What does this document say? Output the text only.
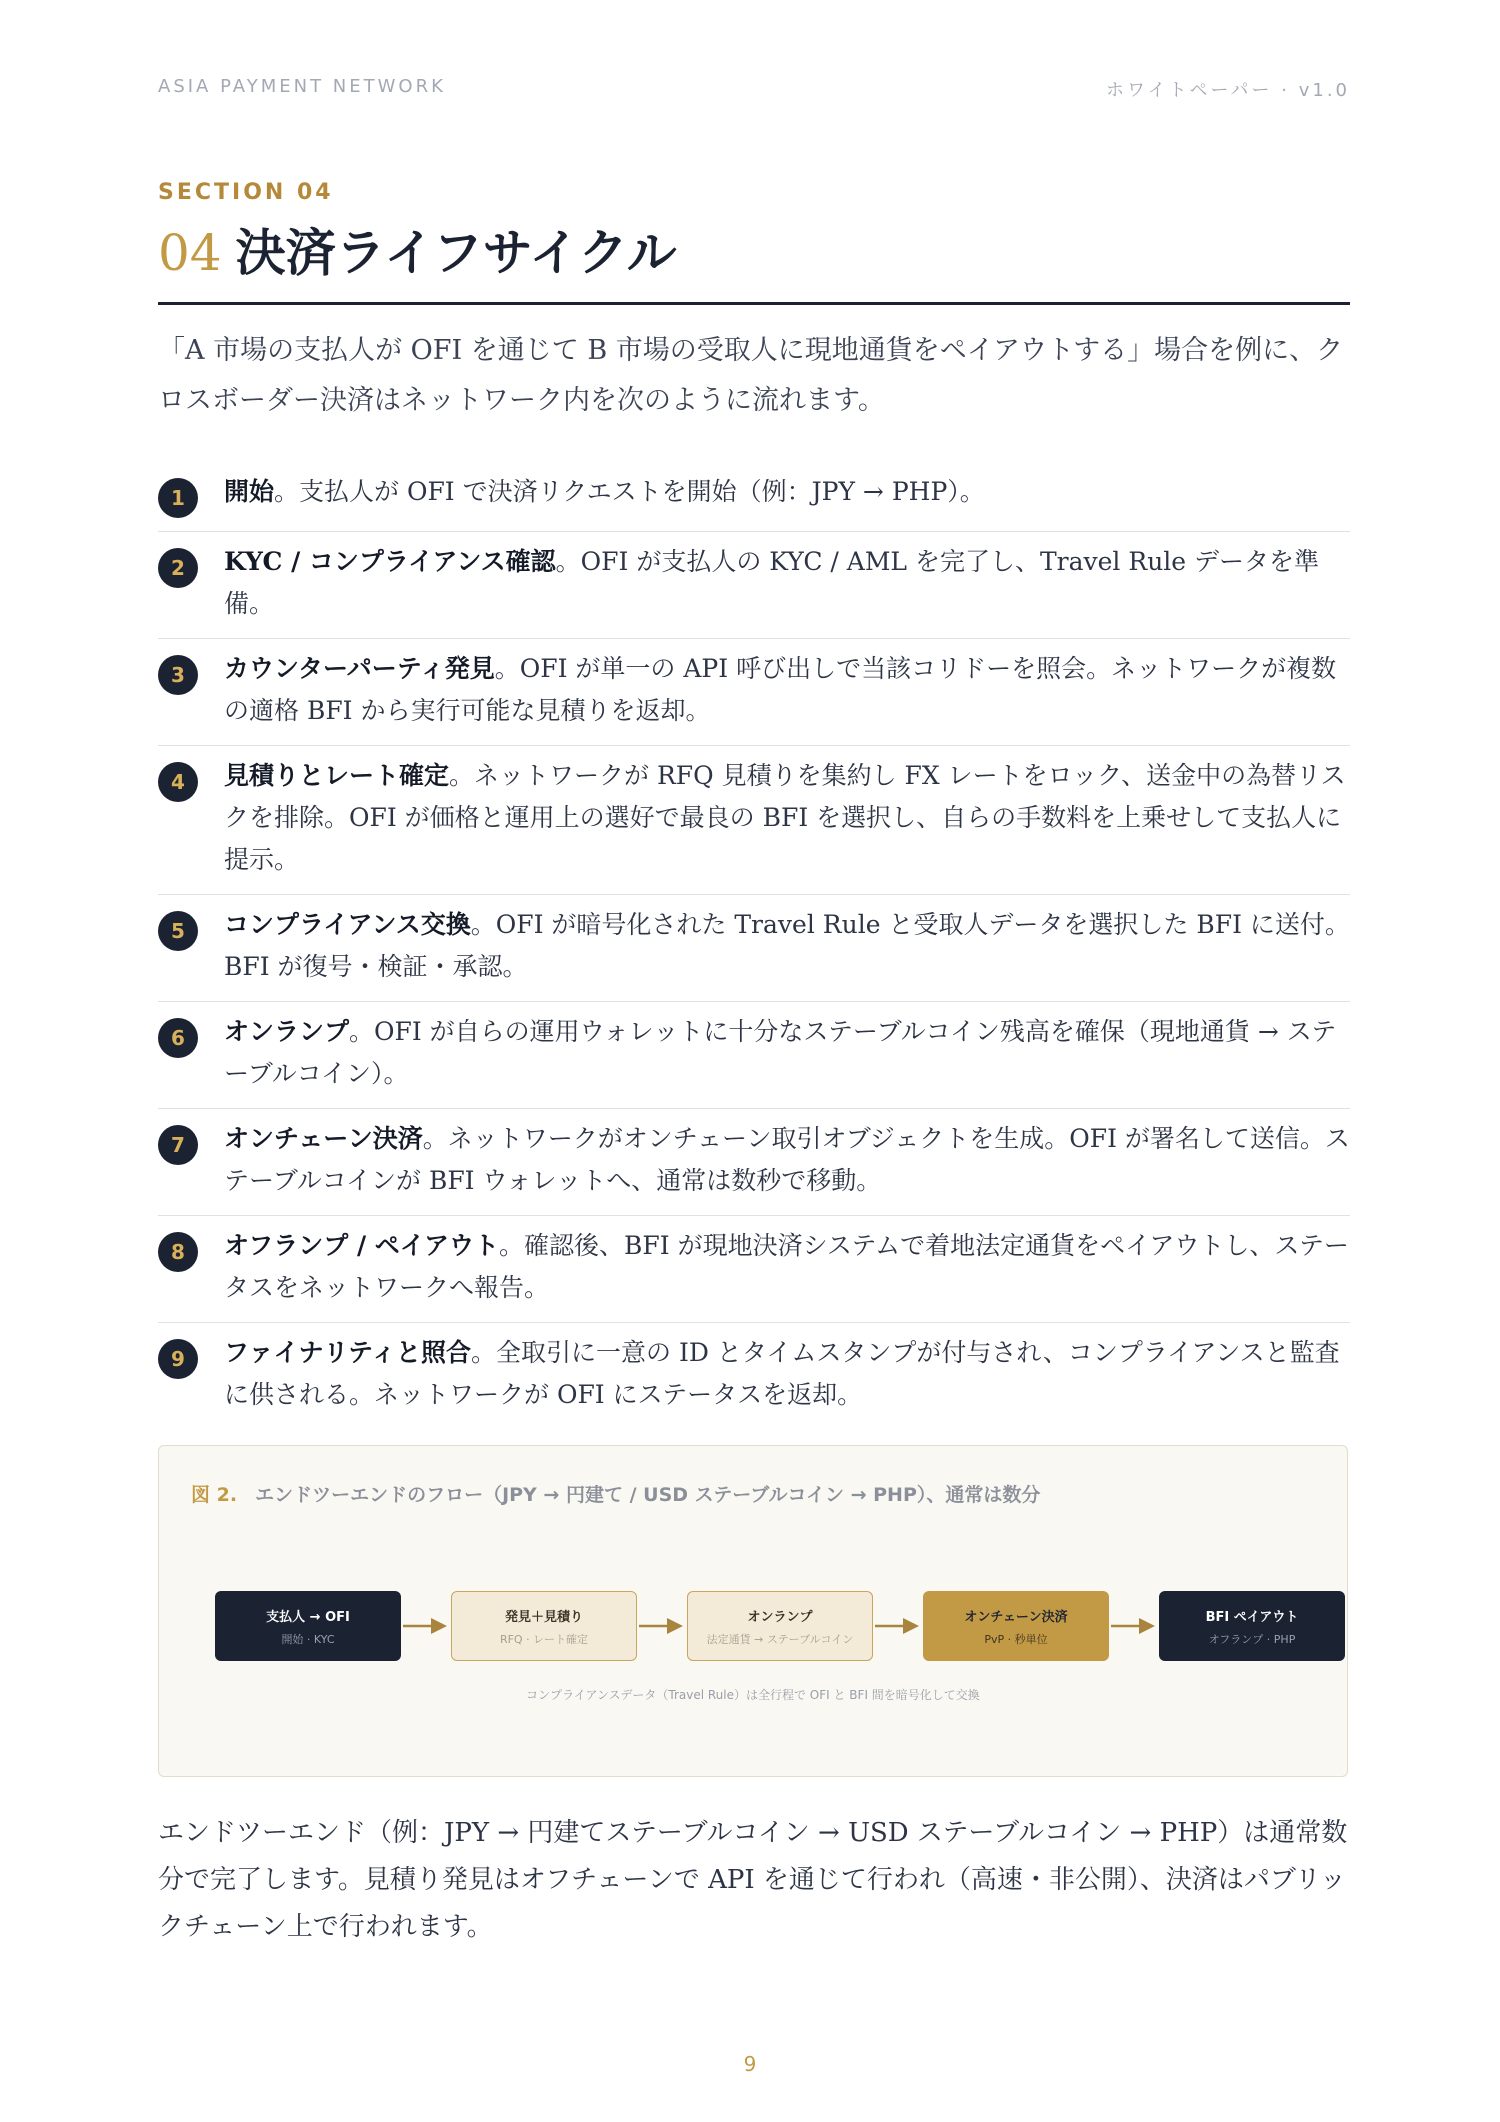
ASIA PAYMENT NETWORK	ホワイトペーパー · v1.0
SECTION 04
04 決済ライフサイクル

「A 市場の支払人が OFI を通じて B 市場の受取人に現地通貨をペイアウトする」場合を例に、クロスボーダー決済はネットワーク内を次のように流れます。

1	開始。支払人が OFI で決済リクエストを開始（例：JPY → PHP）。
2	KYC / コンプライアンス確認。OFI が支払人の KYC / AML を完了し、Travel Rule データを準備。
3	カウンターパーティ発見。OFI が単一の API 呼び出しで当該コリドーを照会。ネットワークが複数の適格 BFI から実行可能な見積りを返却。
4	見積りとレート確定。ネットワークが RFQ 見積りを集約し FX レートをロック、送金中の為替リスクを排除。OFI が価格と運用上の選好で最良の BFI を選択し、自らの手数料を上乗せして支払人に提示。
5	コンプライアンス交換。OFI が暗号化された Travel Rule と受取人データを選択した BFI に送付。BFI が復号・検証・承認。
6	オンランプ。OFI が自らの運用ウォレットに十分なステーブルコイン残高を確保（現地通貨 → ステーブルコイン）。
7	オンチェーン決済。ネットワークがオンチェーン取引オブジェクトを生成。OFI が署名して送信。ステーブルコインが BFI ウォレットへ、通常は数秒で移動。
8	オフランプ / ペイアウト。確認後、BFI が現地決済システムで着地法定通貨をペイアウトし、ステータスをネットワークへ報告。
9	ファイナリティと照合。全取引に一意の ID とタイムスタンプが付与され、コンプライアンスと監査に供される。ネットワークが OFI にステータスを返却。
図 2. エンドツーエンドのフロー（JPY → 円建て / USD ステーブルコイン → PHP）、通常は数分
支払人 → OFI
開始 · KYC
発見＋見積り
RFQ · レート確定
オンランプ
法定通貨 → ステーブルコイン
オンチェーン決済
PvP · 秒単位
BFI ペイアウト
オフランプ · PHP
コンプライアンスデータ（Travel Rule）は全行程で OFI と BFI 間を暗号化して交換

エンドツーエンド（例：JPY → 円建てステーブルコイン → USD ステーブルコイン → PHP）は通常数分で完了します。見積り発見はオフチェーンで API を通じて行われ（高速・非公開）、決済はパブリックチェーン上で行われます。

9
